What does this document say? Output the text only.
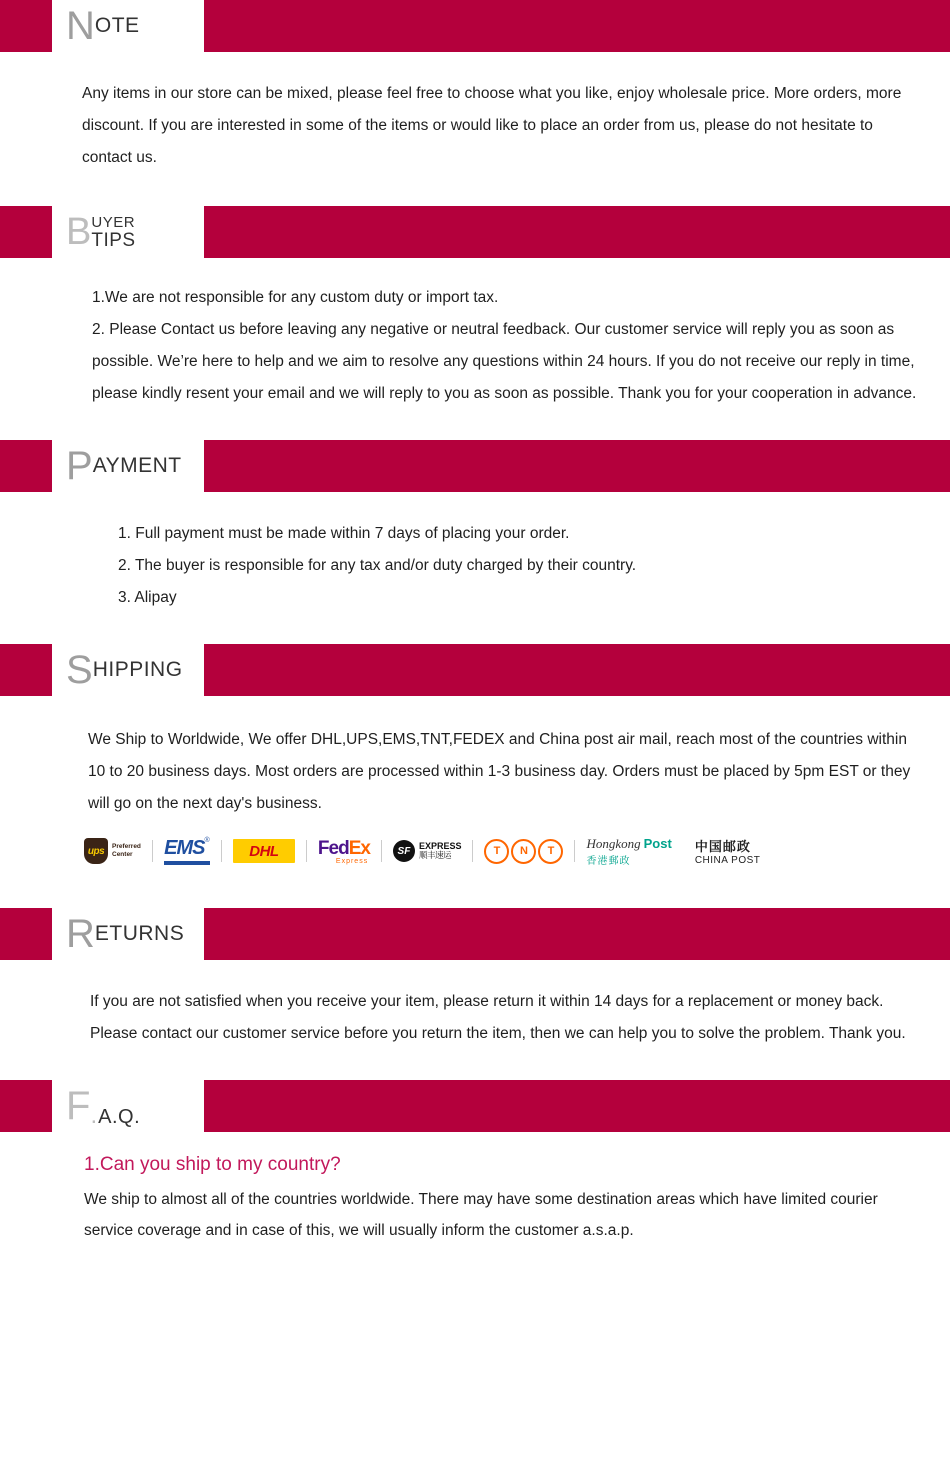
N OTE

Any items in our store can be mixed, please feel free to choose what you like, enjoy wholesale price. More orders, more discount. If you are interested in some of the items or would like to place an order from us, please do not hesitate to contact us.

B UYER
TIPS

1.We are not responsible for any custom duty or import tax.

2. Please Contact us before leaving any negative or neutral feedback. Our customer service will reply you as soon as possible. We’re here to help and we aim to resolve any questions within 24 hours. If you do not receive our reply in time, please kindly resent your email and we will reply to you as soon as possible. Thank you for your cooperation in advance.

P AYMENT

1. Full payment must be made within 7 days of placing your order.

2. The buyer is responsible for any tax and/or duty charged by their country.

3. Alipay

S HIPPING

We Ship to Worldwide, We offer DHL,UPS,EMS,TNT,FEDEX and China post air mail, reach most of the countries within 10 to 20 business days. Most orders are processed within 1-3 business day. Orders must be placed by 5pm EST or they will go on the next day's business.

ups Preferred
Center	EMS ®
DHL FedEx
Express
SF EXPRESS
顺丰速运	T	N	T
Hongkong Post
香港郵政
中国邮政
CHINA POST
R ETURNS

If you are not satisfied when you receive your item, please return it within 14 days for a replacement or money back. Please contact our customer service before you return the item, then we can help you to solve the problem. Thank you.

F . A.Q.
1.Can you ship to my country?
We ship to almost all of the countries worldwide. There may have some destination areas which have limited courier service coverage and in case of this, we will usually inform the customer a.s.a.p.
